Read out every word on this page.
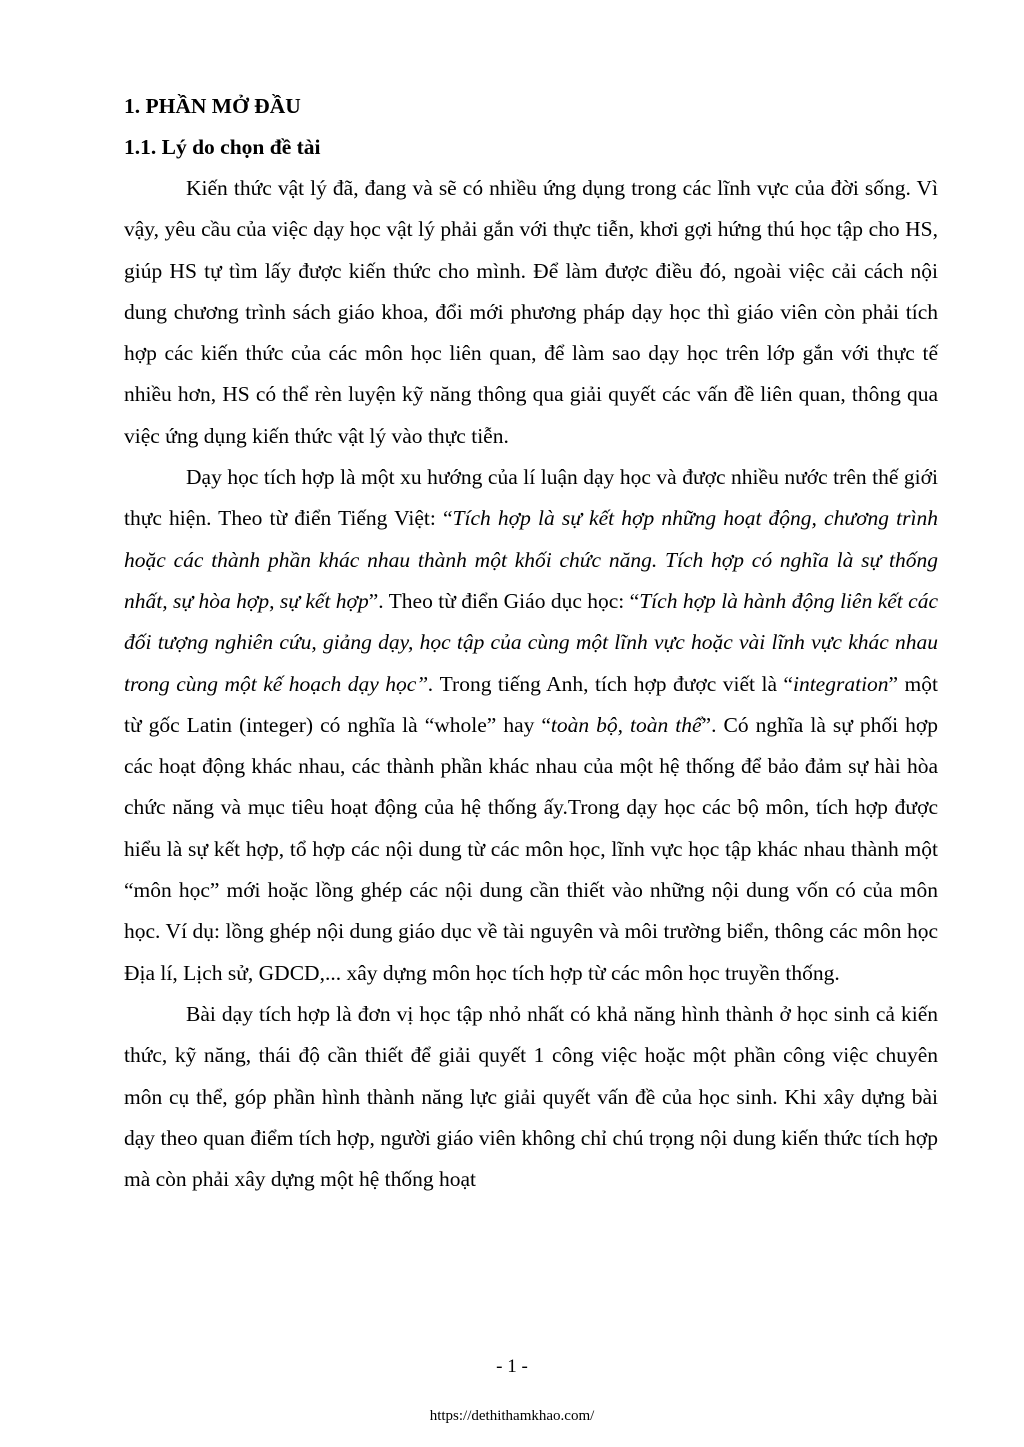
1. PHẦN MỞ ĐẦU
1.1. Lý do chọn đề tài

Kiến thức vật lý đã, đang và sẽ có nhiều ứng dụng trong các lĩnh vực của đời sống. Vì vậy, yêu cầu của việc dạy học vật lý phải gắn với thực tiễn, khơi gợi hứng thú học tập cho HS, giúp HS tự tìm lấy được kiến thức cho mình. Để làm được điều đó, ngoài việc cải cách nội dung chương trình sách giáo khoa, đổi mới phương pháp dạy học thì giáo viên còn phải tích hợp các kiến thức của các môn học liên quan, để làm sao dạy học trên lớp gắn với thực tế nhiều hơn, HS có thể rèn luyện kỹ năng thông qua giải quyết các vấn đề liên quan, thông qua việc ứng dụng kiến thức vật lý vào thực tiễn.

Dạy học tích hợp là một xu hướng của lí luận dạy học và được nhiều nước trên thế giới thực hiện. Theo từ điển Tiếng Việt: “Tích hợp là sự kết hợp những hoạt động, chương trình hoặc các thành phần khác nhau thành một khối chức năng. Tích hợp có nghĩa là sự thống nhất, sự hòa hợp, sự kết hợp”. Theo từ điển Giáo dục học: “Tích hợp là hành động liên kết các đối tượng nghiên cứu, giảng dạy, học tập của cùng một lĩnh vực hoặc vài lĩnh vực khác nhau trong cùng một kế hoạch dạy học”. Trong tiếng Anh, tích hợp được viết là “integration” một từ gốc Latin (integer) có nghĩa là “whole” hay “toàn bộ, toàn thể”. Có nghĩa là sự phối hợp các hoạt động khác nhau, các thành phần khác nhau của một hệ thống để bảo đảm sự hài hòa chức năng và mục tiêu hoạt động của hệ thống ấy.Trong dạy học các bộ môn, tích hợp được hiểu là sự kết hợp, tổ hợp các nội dung từ các môn học, lĩnh vực học tập khác nhau thành một “môn học” mới hoặc lồng ghép các nội dung cần thiết vào những nội dung vốn có của môn học. Ví dụ: lồng ghép nội dung giáo dục về tài nguyên và môi trường biển, thông các môn học Địa lí, Lịch sử, GDCD,... xây dựng môn học tích hợp từ các môn học truyền thống.

Bài dạy tích hợp là đơn vị học tập nhỏ nhất có khả năng hình thành ở học sinh cả kiến thức, kỹ năng, thái độ cần thiết để giải quyết 1 công việc hoặc một phần công việc chuyên môn cụ thể, góp phần hình thành năng lực giải quyết vấn đề của học sinh. Khi xây dựng bài dạy theo quan điểm tích hợp, người giáo viên không chỉ chú trọng nội dung kiến thức tích hợp mà còn phải xây dựng một hệ thống hoạt

- 1 -
https://dethithamkhao.com/
